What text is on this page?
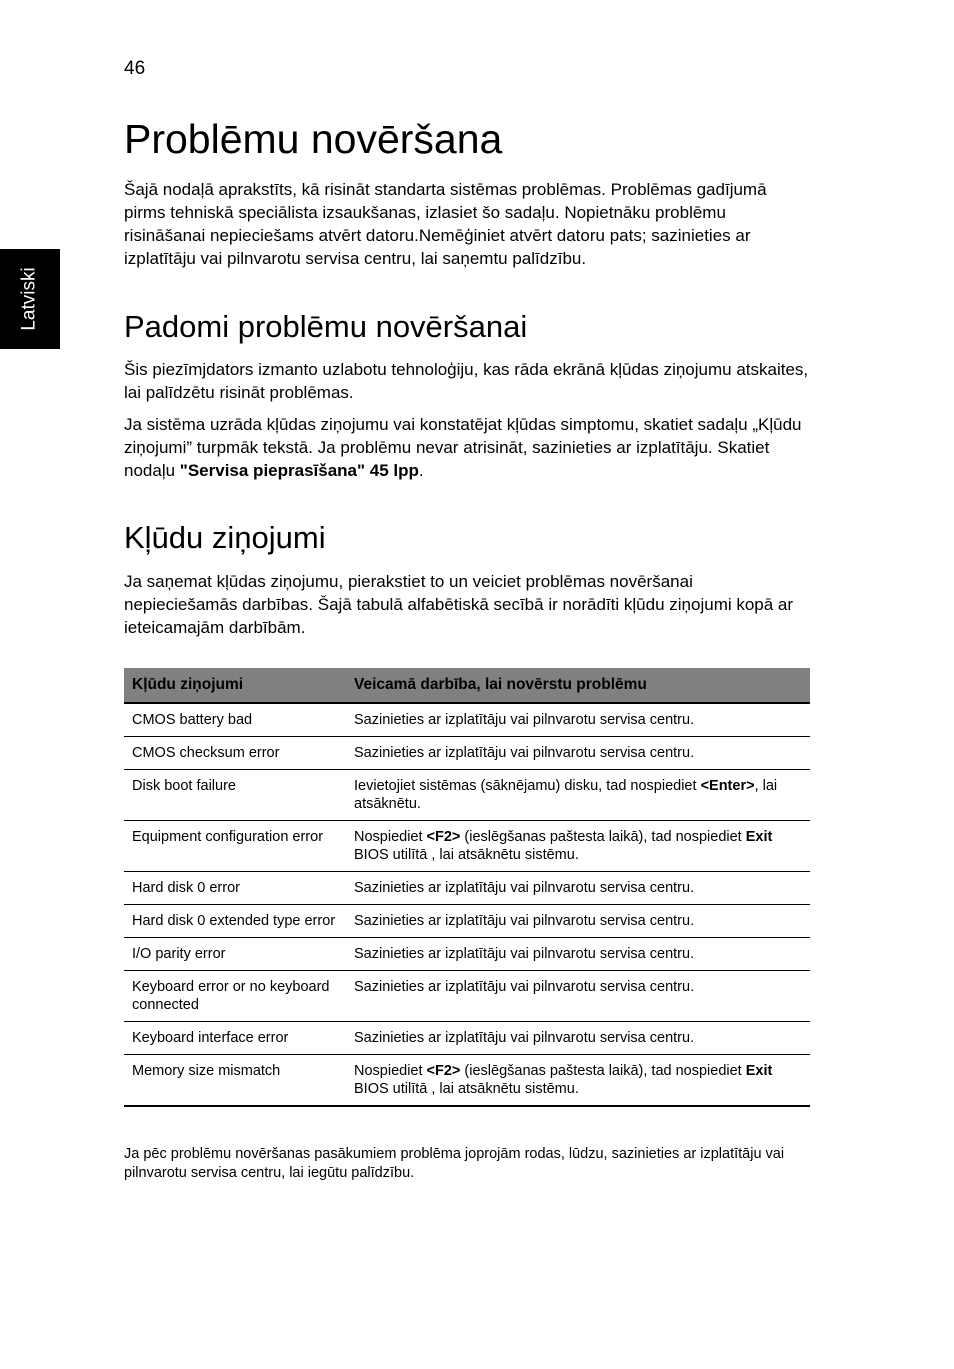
46
Latviski
Problēmu novēršana

Šajā nodaļā aprakstīts, kā risināt standarta sistēmas problēmas. Problēmas gadījumā pirms tehniskā speciālista izsaukšanas, izlasiet šo sadaļu. Nopietnāku problēmu risināšanai nepieciešams atvērt datoru.Nemēģiniet atvērt datoru pats; sazinieties ar izplatītāju vai pilnvarotu servisa centru, lai saņemtu palīdzību.

Padomi problēmu novēršanai

Šis piezīmjdators izmanto uzlabotu tehnoloģiju, kas rāda ekrānā kļūdas ziņojumu atskaites, lai palīdzētu risināt problēmas.

Ja sistēma uzrāda kļūdas ziņojumu vai konstatējat kļūdas simptomu, skatiet sadaļu „Kļūdu ziņojumi” turpmāk tekstā. Ja problēmu nevar atrisināt, sazinieties ar izplatītāju. Skatiet nodaļu "Servisa pieprasīšana" 45 lpp.

Kļūdu ziņojumi

Ja saņemat kļūdas ziņojumu, pierakstiet to un veiciet problēmas novēršanai nepieciešamās darbības. Šajā tabulā alfabētiskā secībā ir norādīti kļūdu ziņojumi kopā ar ieteicamajām darbībām.

Kļūdu ziņojumi	Veicamā darbība, lai novērstu problēmu
CMOS battery bad	Sazinieties ar izplatītāju vai pilnvarotu servisa centru.
CMOS checksum error	Sazinieties ar izplatītāju vai pilnvarotu servisa centru.
Disk boot failure	Ievietojiet sistēmas (sāknējamu) disku, tad nospiediet <Enter>, lai atsāknētu.
Equipment configuration error	Nospiediet <F2> (ieslēgšanas paštesta laikā), tad nospiediet Exit BIOS utilītā , lai atsāknētu sistēmu.
Hard disk 0 error	Sazinieties ar izplatītāju vai pilnvarotu servisa centru.
Hard disk 0 extended type error	Sazinieties ar izplatītāju vai pilnvarotu servisa centru.
I/O parity error	Sazinieties ar izplatītāju vai pilnvarotu servisa centru.
Keyboard error or no keyboard connected	Sazinieties ar izplatītāju vai pilnvarotu servisa centru.
Keyboard interface error	Sazinieties ar izplatītāju vai pilnvarotu servisa centru.
Memory size mismatch	Nospiediet <F2> (ieslēgšanas paštesta laikā), tad nospiediet Exit BIOS utilītā , lai atsāknētu sistēmu.

Ja pēc problēmu novēršanas pasākumiem problēma joprojām rodas, lūdzu, sazinieties ar izplatītāju vai pilnvarotu servisa centru, lai iegūtu palīdzību.
